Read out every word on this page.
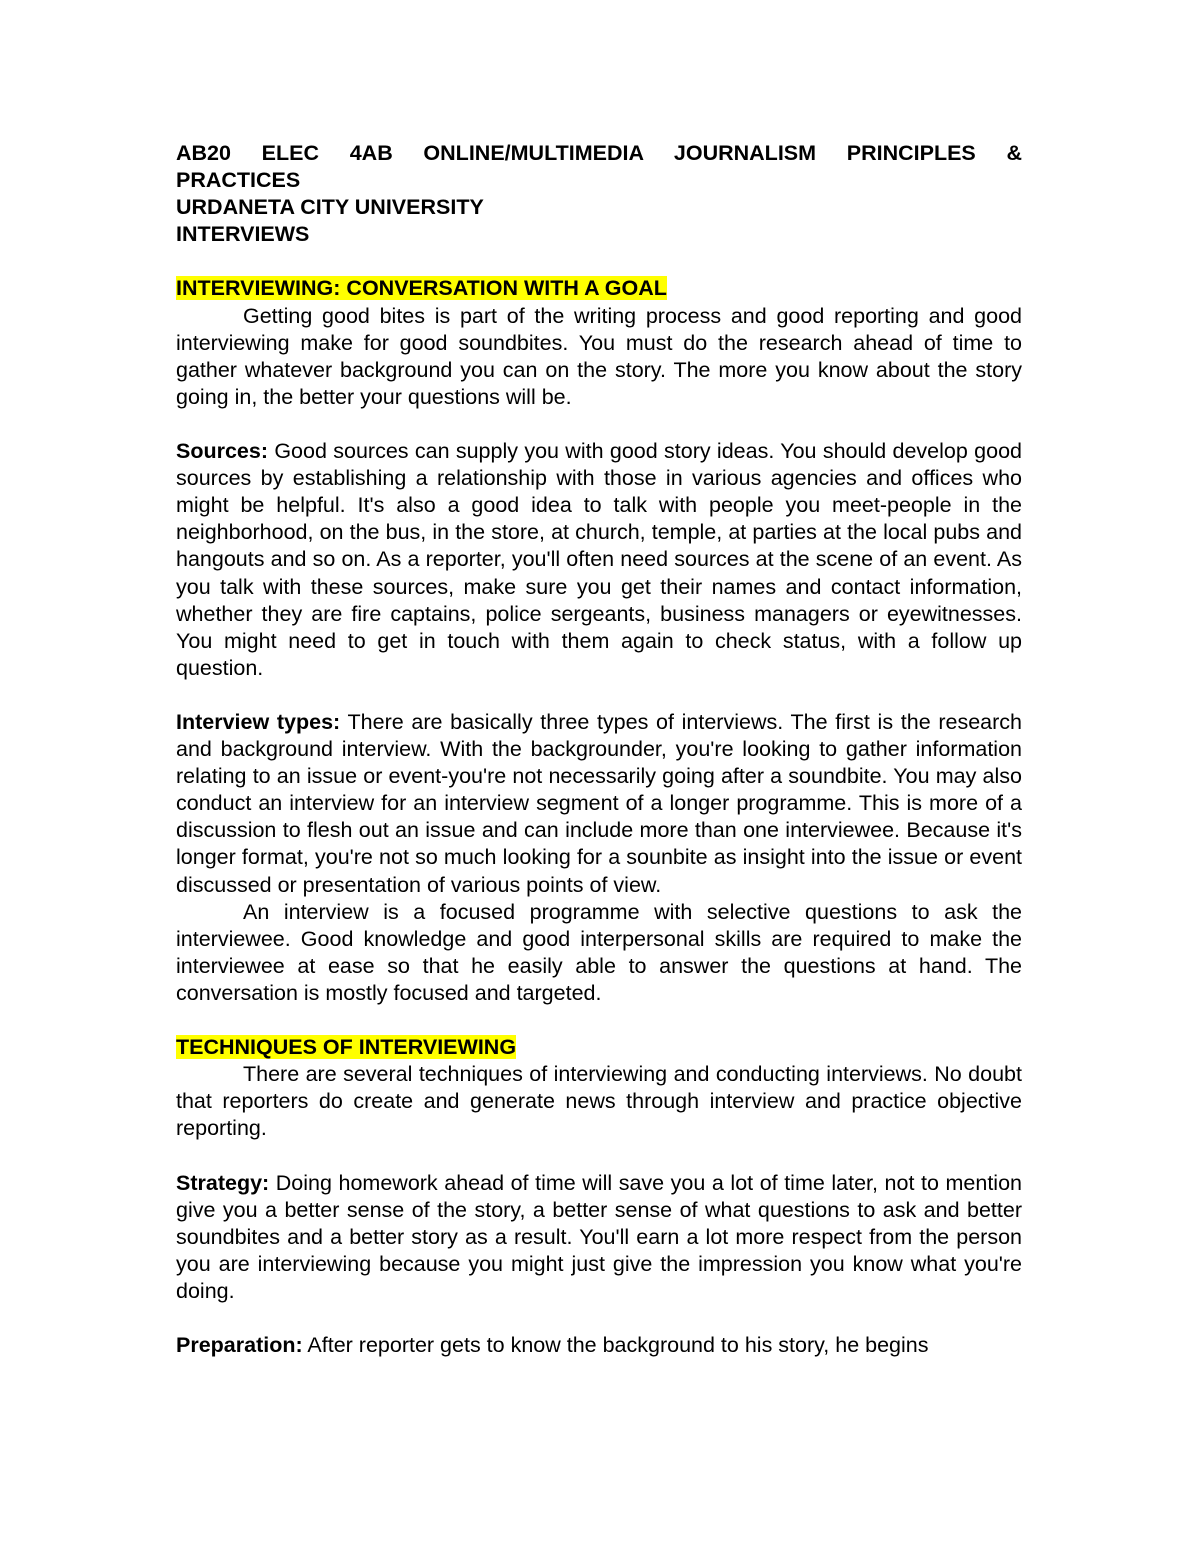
AB20 ELEC 4AB ONLINE/MULTIMEDIA JOURNALISM PRINCIPLES &
PRACTICES
URDANETA CITY UNIVERSITY
INTERVIEWS
INTERVIEWING: CONVERSATION WITH A GOAL

Getting good bites is part of the writing process and good reporting and good interviewing make for good soundbites. You must do the research ahead of time to gather whatever background you can on the story. The more you know about the story going in, the better your questions will be.

Sources: Good sources can supply you with good story ideas. You should develop good sources by establishing a relationship with those in various agencies and offices who might be helpful. It's also a good idea to talk with people you meet-people in the neighborhood, on the bus, in the store, at church, temple, at parties at the local pubs and hangouts and so on. As a reporter, you'll often need sources at the scene of an event. As you talk with these sources, make sure you get their names and contact information, whether they are fire captains, police sergeants, business managers or eyewitnesses. You might need to get in touch with them again to check status, with a follow up question.

Interview types: There are basically three types of interviews. The first is the research and background interview. With the backgrounder, you're looking to gather information relating to an issue or event-you're not necessarily going after a soundbite. You may also conduct an interview for an interview segment of a longer programme. This is more of a discussion to flesh out an issue and can include more than one interviewee. Because it's longer format, you're not so much looking for a sounbite as insight into the issue or event discussed or presentation of various points of view.

An interview is a focused programme with selective questions to ask the interviewee. Good knowledge and good interpersonal skills are required to make the interviewee at ease so that he easily able to answer the questions at hand. The conversation is mostly focused and targeted.

TECHNIQUES OF INTERVIEWING

There are several techniques of interviewing and conducting interviews. No doubt that reporters do create and generate news through interview and practice objective reporting.

Strategy: Doing homework ahead of time will save you a lot of time later, not to mention give you a better sense of the story, a better sense of what questions to ask and better soundbites and a better story as a result. You'll earn a lot more respect from the person you are interviewing because you might just give the impression you know what you're doing.

Preparation: After reporter gets to know the background to his story, he begins
